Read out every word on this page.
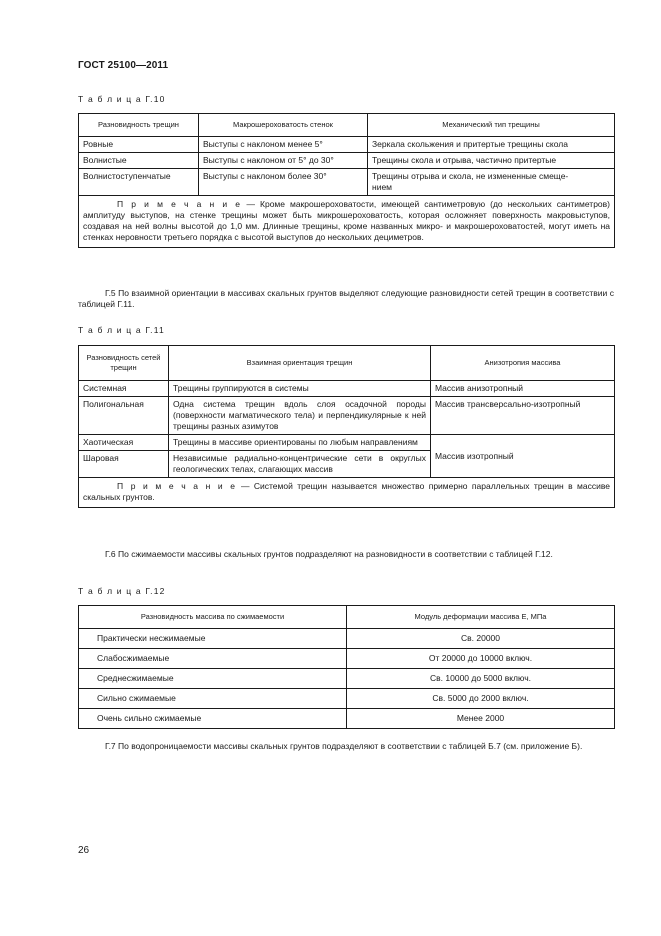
ГОСТ 25100—2011
Т а б л и ц а Г.10
Разновидность трещин	Макрошероховатость стенок	Механический тип трещины
Ровные	Выступы с наклоном менее 5°	Зеркала скольжения и притертые трещины скола
Волнистые	Выступы с наклоном от 5° до 30°	Трещины скола и отрыва, частично притертые
Волнистоступенчатые	Выступы с наклоном более 30°	Трещины отрыва и скола, не измененные смеще-
нием
П р и м е ч а н и е — Кроме макрошероховатости, имеющей сантиметровую (до нескольких сантиметров) амплитуду выступов, на стенке трещины может быть микрошероховатость, которая осложняет поверхность макровыступов, создавая на ней волны высотой до 1,0 мм. Длинные трещины, кроме названных микро- и макрошероховатостей, могут иметь на стенках неровности третьего порядка с высотой выступов до нескольких дециметров.		
Г.5 По взаимной ориентации в массивах скальных грунтов выделяют следующие разновидности сетей трещин в соответствии с таблицей Г.11.
Т а б л и ц а Г.11
Разновидность сетей трещин	Взаимная ориентация трещин	Анизотропия массива
Системная	Трещины группируются в системы	Массив анизотропный
Полигональная	Одна система трещин вдоль слоя осадочной породы (поверхности магматического тела) и перпендикулярные к ней трещины разных азимутов	Массив трансверсально-изотропный
Хаотическая	Трещины в массиве ориентированы по любым направлениям	Массив изотропный
Шаровая	Независимые радиально-концентрические сети в округлых геологических телах, слагающих массив	
П р и м е ч а н и е — Системой трещин называется множество примерно параллельных трещин в массиве скальных грунтов.		
Г.6 По сжимаемости массивы скальных грунтов подразделяют на разновидности в соответствии с таблицей Г.12.
Т а б л и ц а Г.12
Разновидность массива по сжимаемости	Модуль деформации массива E, МПа
Практически несжимаемые	Св. 20000
Слабосжимаемые	От 20000 до 10000 включ.
Среднесжимаемые	Св. 10000 до 5000 включ.
Сильно сжимаемые	Св. 5000 до 2000 включ.
Очень сильно сжимаемые	Менее 2000
Г.7 По водопроницаемости массивы скальных грунтов подразделяют в соответствии с таблицей Б.7 (см. приложение Б).
26
